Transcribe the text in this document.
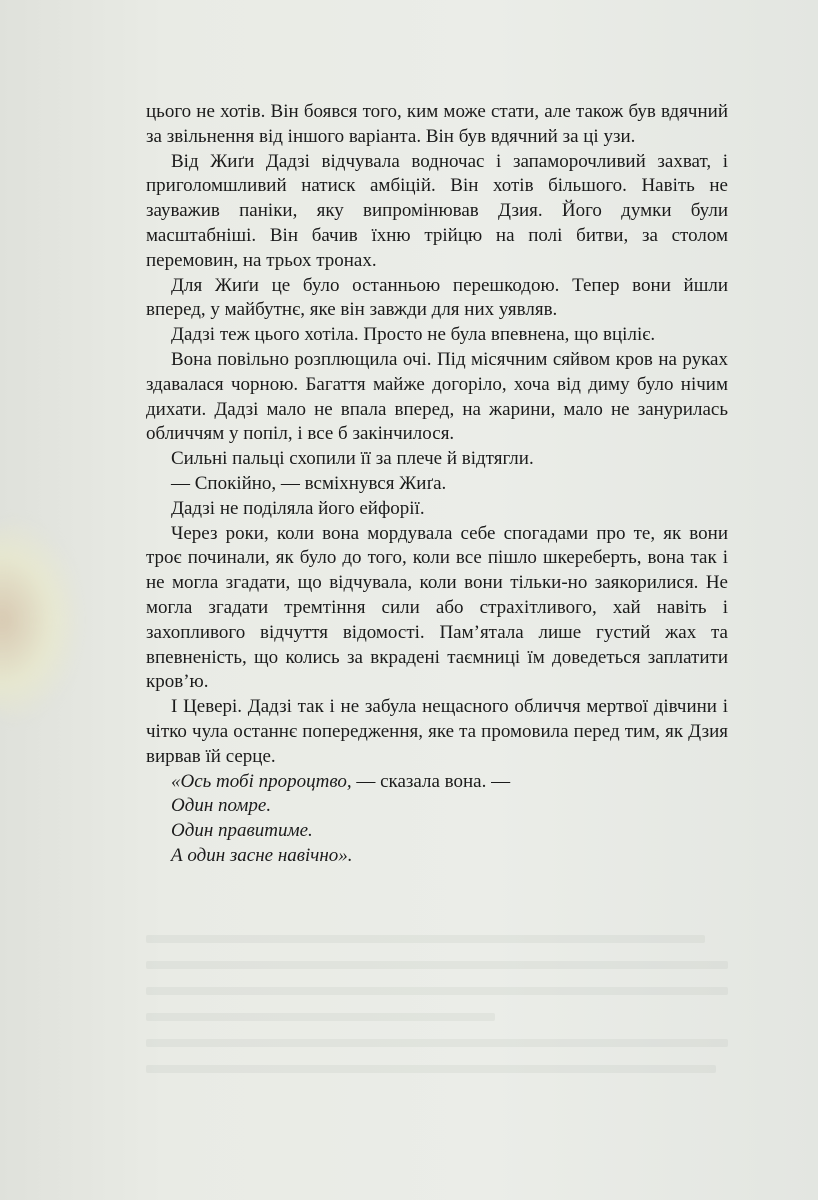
цього не хотів. Він боявся того, ким може стати, але також був вдячний за звільнення від іншого варіанта. Він був вдячний за ці узи.

Від Жиґи Дадзі відчувала водночас і запаморочливий захват, і приголомшливий натиск амбіцій. Він хотів більшого. Навіть не зауважив паніки, яку випромінював Дзия. Його думки були масштабніші. Він бачив їхню трійцю на полі битви, за столом перемовин, на трьох тронах.

Для Жиґи це було останньою перешкодою. Тепер вони йшли вперед, у майбутнє, яке він завжди для них уявляв.

Дадзі теж цього хотіла. Просто не була впевнена, що вціліє.

Вона повільно розплющила очі. Під місячним сяйвом кров на руках здавалася чорною. Багаття майже догоріло, хоча від диму було нічим дихати. Дадзі мало не впала вперед, на жарини, мало не занурилась обличчям у попіл, і все б закінчилося.

Сильні пальці схопили її за плече й відтягли.

— Спокійно, — всміхнувся Жиґа.

Дадзі не поділяла його ейфорії.

Через роки, коли вона мордувала себе спогадами про те, як вони троє починали, як було до того, коли все пішло шкереберть, вона так і не могла згадати, що відчувала, коли вони тільки-но заякорилися. Не могла згадати тремтіння сили або страхітливого, хай навіть і захопливого відчуття відомості. Пам’ятала лише густий жах та впевненість, що колись за вкрадені таємниці їм доведеться заплатити кров’ю.

І Цевері. Дадзі так і не забула нещасного обличчя мертвої дівчини і чітко чула останнє попередження, яке та промовила перед тим, як Дзия вирвав їй серце.

«Ось тобі пророцтво, — сказала вона. —
Один помре.
Один правитиме.
А один засне навічно».
